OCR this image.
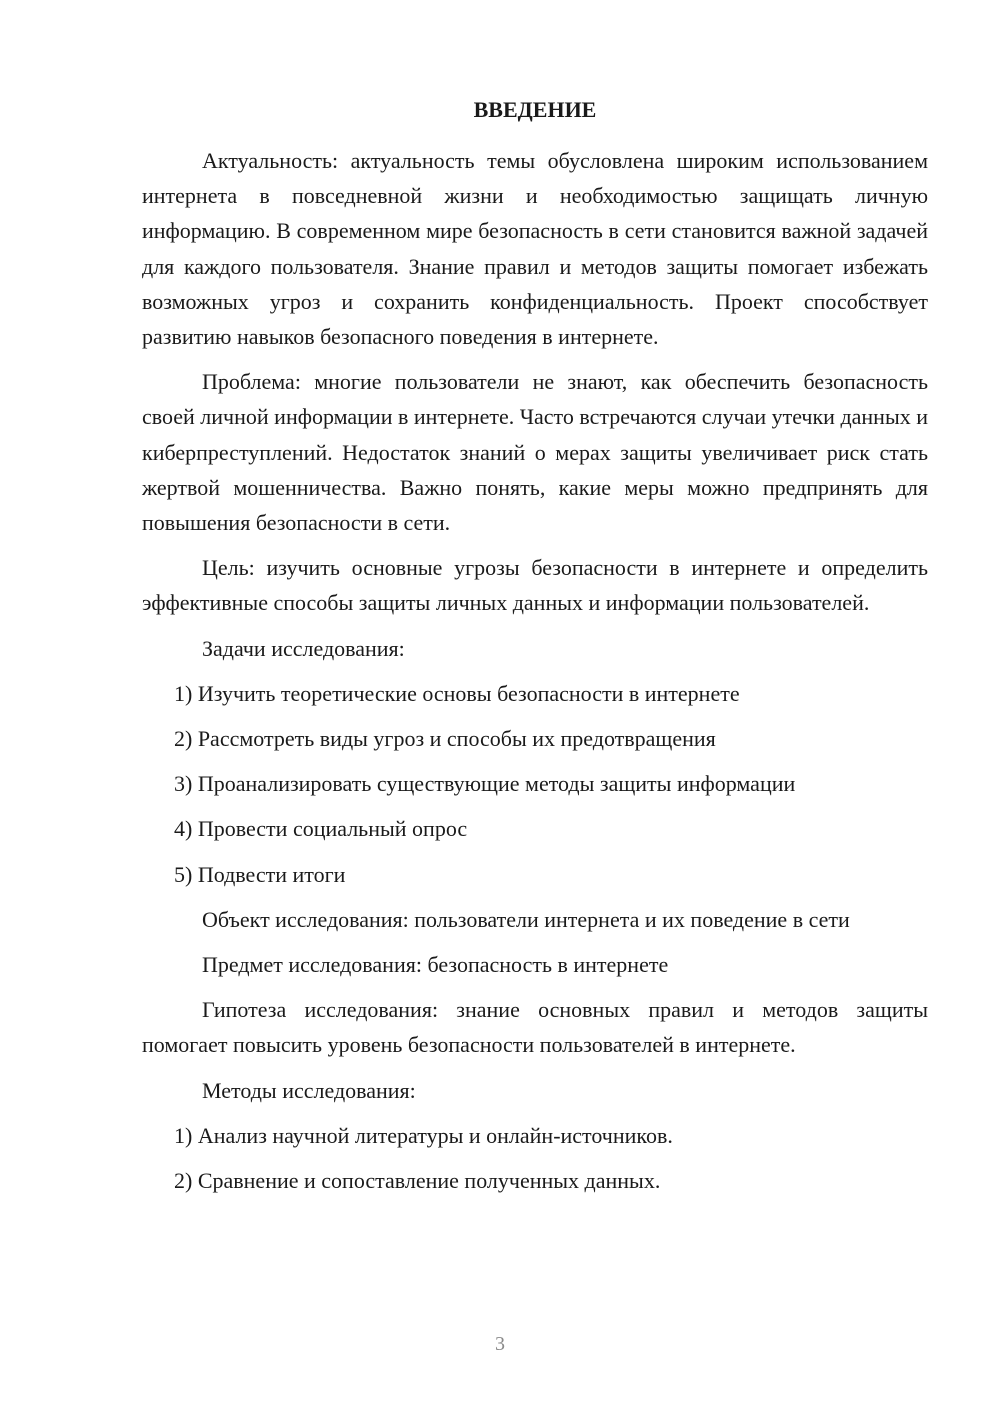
ВВЕДЕНИЕ

Актуальность: актуальность темы обусловлена широким использованием интернета в повседневной жизни и необходимостью защищать личную информацию. В современном мире безопасность в сети становится важной задачей для каждого пользователя. Знание правил и методов защиты помогает избежать возможных угроз и сохранить конфиденциальность. Проект способствует развитию навыков безопасного поведения в интернете.

Проблема: многие пользователи не знают, как обеспечить безопасность своей личной информации в интернете. Часто встречаются случаи утечки данных и киберпреступлений. Недостаток знаний о мерах защиты увеличивает риск стать жертвой мошенничества. Важно понять, какие меры можно предпринять для повышения безопасности в сети.

Цель: изучить основные угрозы безопасности в интернете и определить эффективные способы защиты личных данных и информации пользователей.

Задачи исследования:

1) Изучить теоретические основы безопасности в интернете
2) Рассмотреть виды угроз и способы их предотвращения
3) Проанализировать существующие методы защиты информации
4) Провести социальный опрос
5) Подвести итоги

Объект исследования: пользователи интернета и их поведение в сети

Предмет исследования: безопасность в интернете

Гипотеза исследования: знание основных правил и методов защиты помогает повысить уровень безопасности пользователей в интернете.

Методы исследования:

1) Анализ научной литературы и онлайн-источников.
2) Сравнение и сопоставление полученных данных.
3
